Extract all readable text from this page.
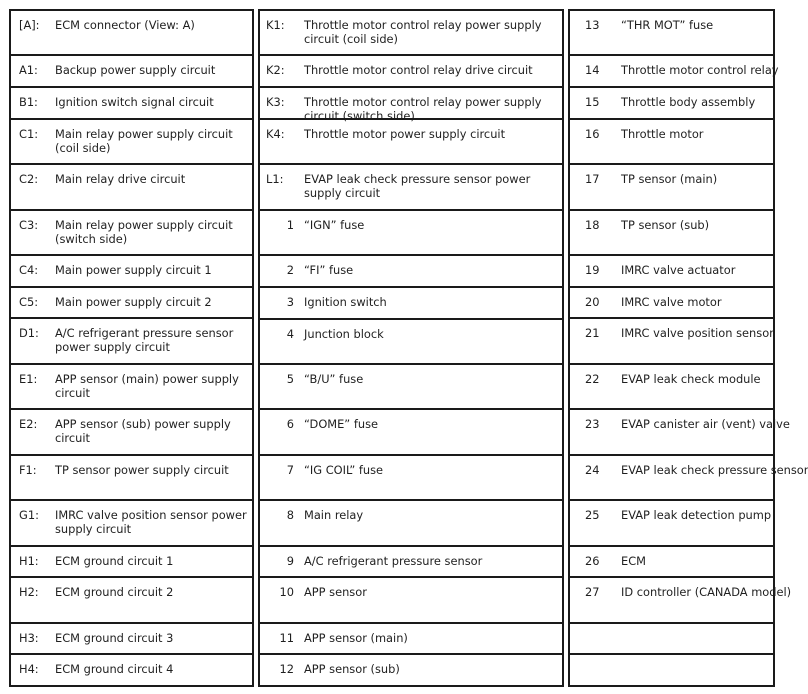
[A]:	ECM connector (View: A)
A1:	Backup power supply circuit
B1:	Ignition switch signal circuit
C1:	Main relay power supply circuit (coil side)
C2:	Main relay drive circuit
C3:	Main relay power supply circuit (switch side)
C4:	Main power supply circuit 1
C5:	Main power supply circuit 2
D1:	A/C refrigerant pressure sensor power supply circuit
E1:	APP sensor (main) power supply circuit
E2:	APP sensor (sub) power supply circuit
F1:	TP sensor power supply circuit
G1:	IMRC valve position sensor power supply circuit
H1:	ECM ground circuit 1
H2:	ECM ground circuit 2
H3:	ECM ground circuit 3
H4:	ECM ground circuit 4
K1:	Throttle motor control relay power supply circuit (coil side)
K2:	Throttle motor control relay drive circuit
K3:	Throttle motor control relay power supply circuit (switch side)
K4:	Throttle motor power supply circuit
L1:	EVAP leak check pressure sensor power supply circuit
1 “IGN” fuse
2 “FI” fuse
3 Ignition switch
4 Junction block
5 “B/U” fuse
6 “DOME” fuse
7 “IG COIL” fuse
8 Main relay
9 A/C refrigerant pressure sensor
10 APP sensor
11 APP sensor (main)
12 APP sensor (sub)
13	“THR MOT” fuse
14	Throttle motor control relay
15	Throttle body assembly
16	Throttle motor
17	TP sensor (main)
18	TP sensor (sub)
19	IMRC valve actuator
20	IMRC valve motor
21	IMRC valve position sensor
22	EVAP leak check module
23	EVAP canister air (vent) valve
24	EVAP leak check pressure sensor
25	EVAP leak detection pump
26	ECM
27	ID controller (CANADA model)
